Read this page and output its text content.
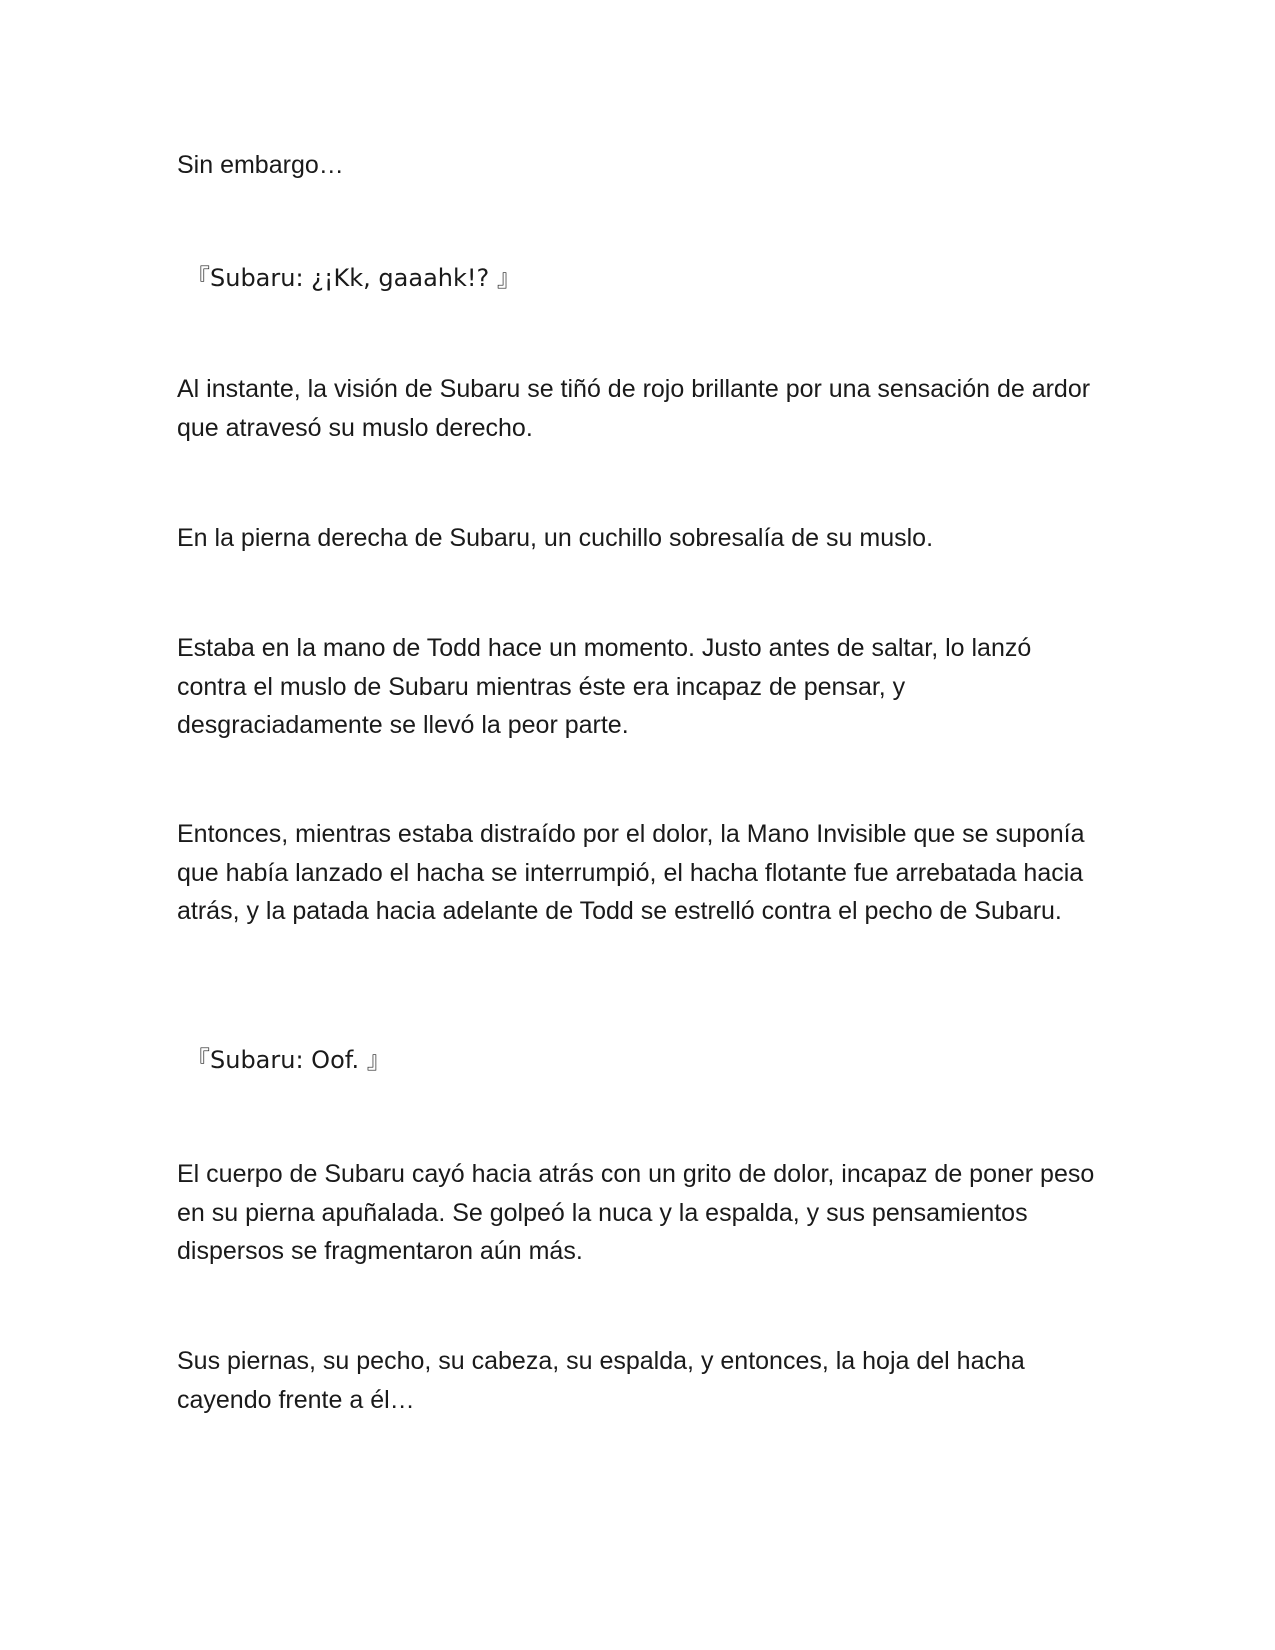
Sin embargo…

『Subaru: ¿¡Kk, gaaahk!? 』

Al instante, la visión de Subaru se tiñó de rojo brillante por una sensación de ardor que atravesó su muslo derecho.

En la pierna derecha de Subaru, un cuchillo sobresalía de su muslo.

Estaba en la mano de Todd hace un momento. Justo antes de saltar, lo lanzó contra el muslo de Subaru mientras éste era incapaz de pensar, y desgraciadamente se llevó la peor parte.

Entonces, mientras estaba distraído por el dolor, la Mano Invisible que se suponía que había lanzado el hacha se interrumpió, el hacha flotante fue arrebatada hacia atrás, y la patada hacia adelante de Todd se estrelló contra el pecho de Subaru.

『Subaru: Oof. 』

El cuerpo de Subaru cayó hacia atrás con un grito de dolor, incapaz de poner peso en su pierna apuñalada. Se golpeó la nuca y la espalda, y sus pensamientos dispersos se fragmentaron aún más.

Sus piernas, su pecho, su cabeza, su espalda, y entonces, la hoja del hacha cayendo frente a él…
